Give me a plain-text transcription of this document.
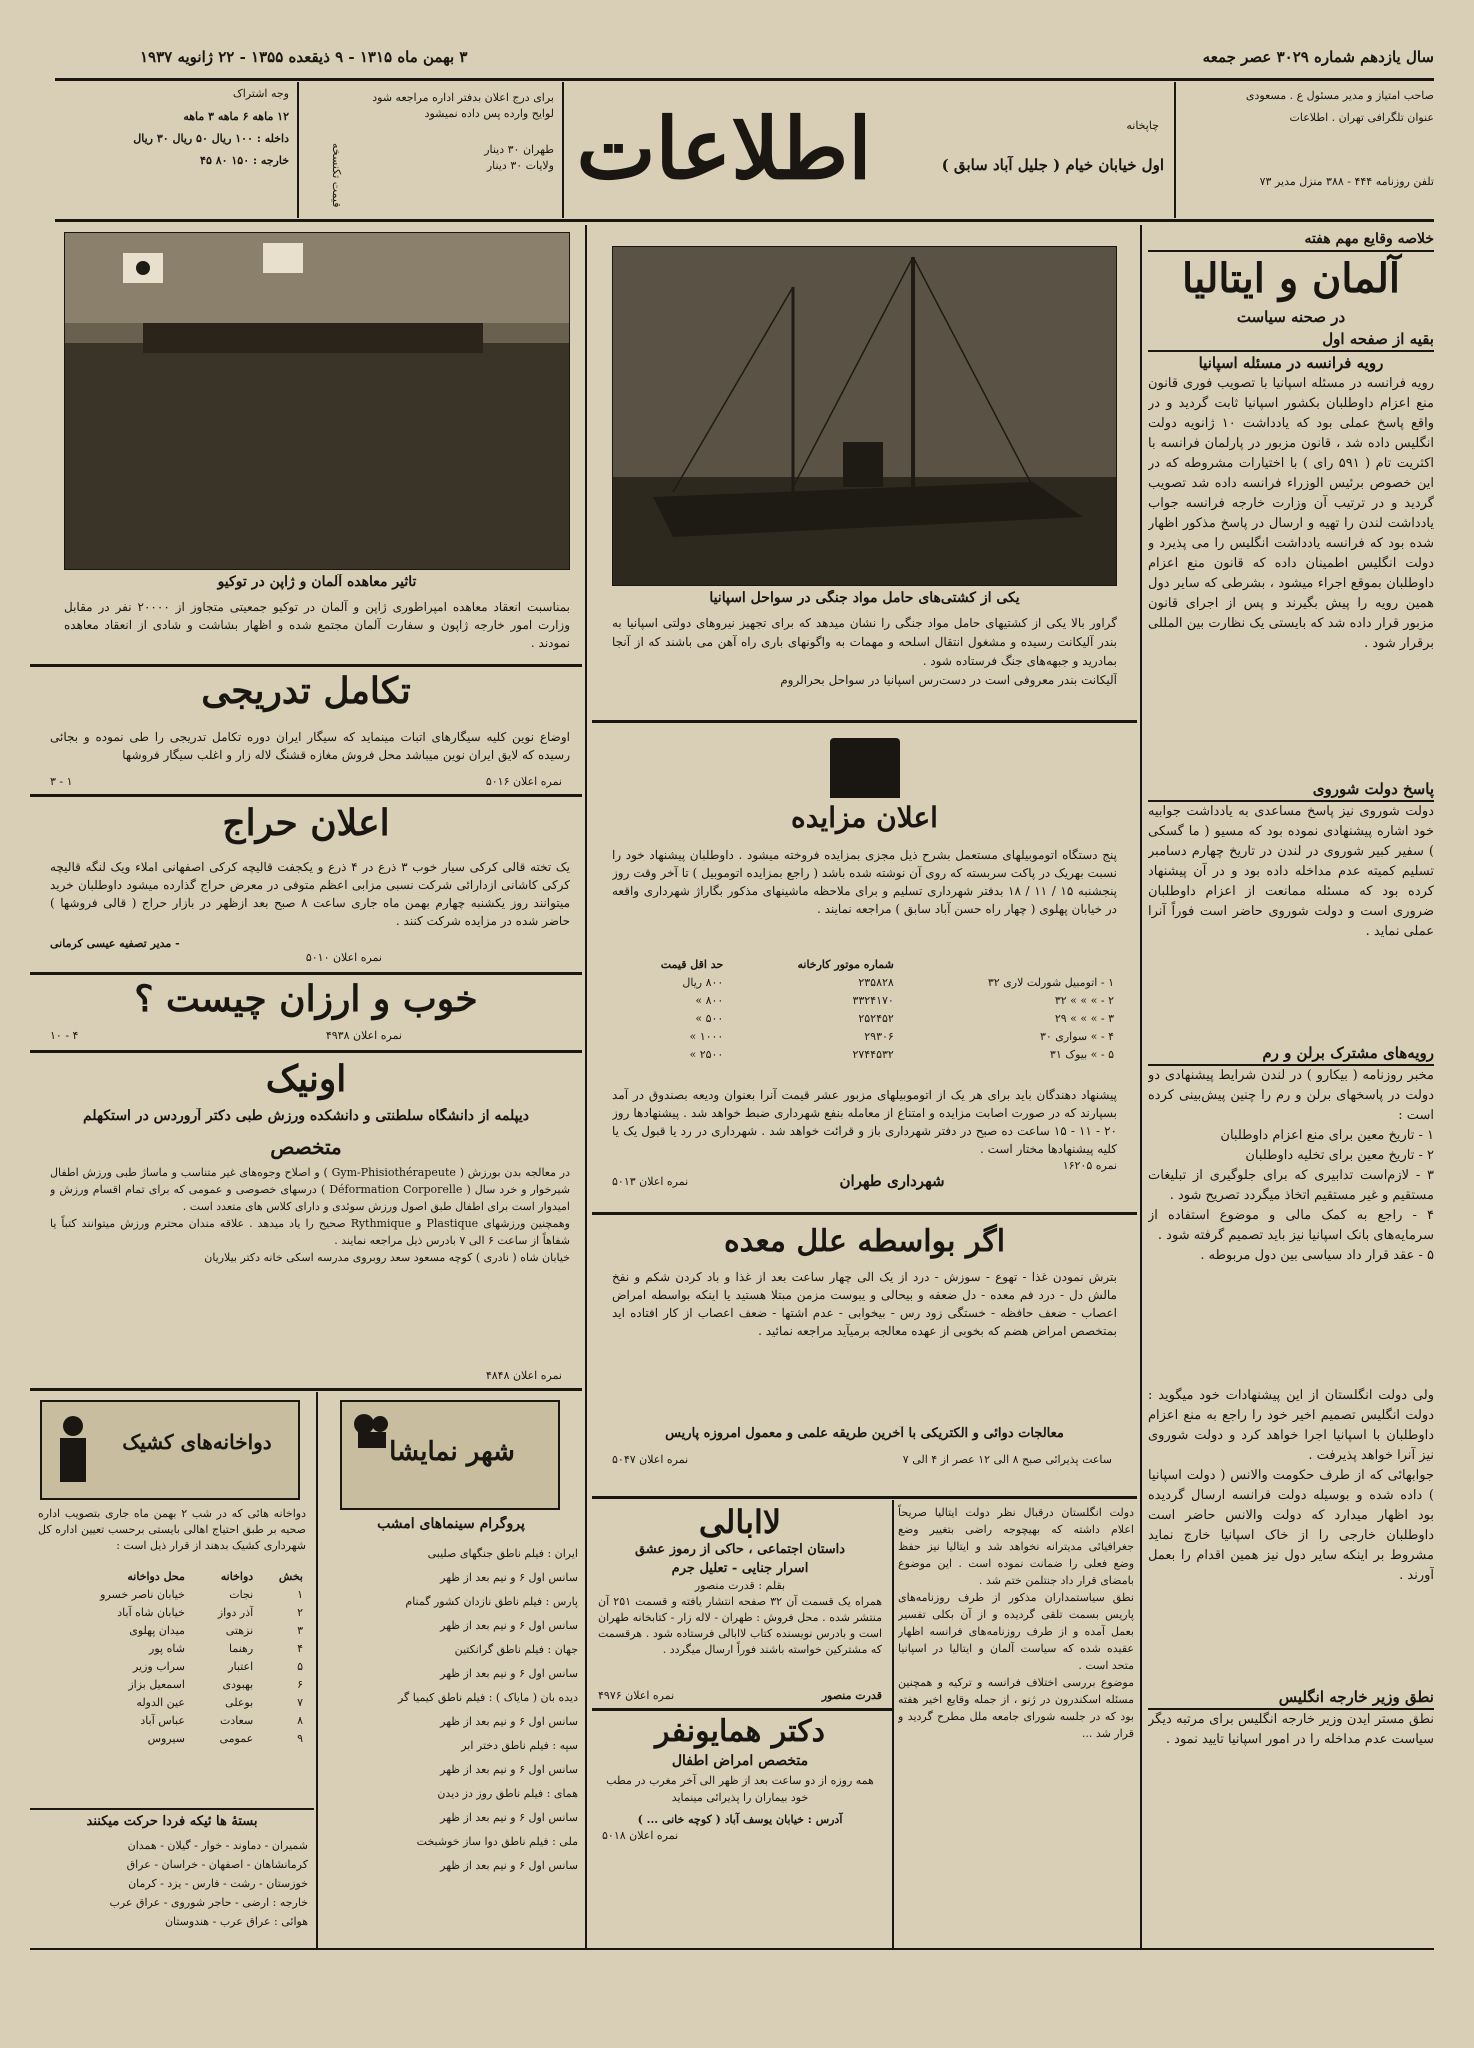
سال یازدهم شماره ۳۰۲۹ عصر جمعه
۳ بهمن ماه ۱۳۱۵ - ۹ ذیقعده ۱۳۵۵ - ۲۲ ژانویه ۱۹۳۷
صاحب امتیاز و مدیر مسئول ع . مسعودی
عنوان تلگرافی تهران . اطلاعات
تلفن روزنامه ۴۴۴ - ۳۸۸ منزل مدیر ۷۳
چاپخانه
اول خیابان خیام ( جلیل آباد سابق )
اطلاعات
برای درج اعلان بدفتر اداره مراجعه شود
لوایح وارده پس داده نمیشود
قیمت تکنسخه	طهران ۳۰ دینار
ولایات ۳۰ دینار
وجه اشتراک
۱۲ ماهه ۶ ماهه ۳ ماهه
داخله : ۱۰۰ ریال ۵۰ ریال ۳۰ ریال
خارجه : ۱۵۰ ۸۰ ۴۵
خلاصه وقایع مهم هفته
آلمان و ایتالیا
در صحنه سیاست
بقیه از صفحه اول
رویه فرانسه در مسئله اسپانیا
رویه فرانسه در مسئله اسپانیا با تصویب فوری قانون منع اعزام داوطلبان بکشور اسپانیا ثابت گردید و در واقع پاسخ عملی بود که یادداشت ۱۰ ژانویه دولت انگلیس داده شد ، قانون مزبور در پارلمان فرانسه با اکثریت تام ( ۵۹۱ رای ) با اختیارات مشروطه که در این خصوص برئیس الوزراء فرانسه داده شد تصویب گردید و در ترتیب آن وزارت خارجه فرانسه جواب یادداشت لندن را تهیه و ارسال در پاسخ مذکور اظهار شده بود که فرانسه یادداشت انگلیس را می پذیرد و دولت انگلیس اطمینان داده که قانون منع اعزام داوطلبان بموقع اجراء میشود ، بشرطی که سایر دول همین رویه را پیش بگیرند و پس از اجرای قانون مزبور قرار داده شد که بایستی یک نظارت بین المللی برقرار شود .
پاسخ دولت شوروی
دولت شوروی نیز پاسخ مساعدی به یادداشت جوابیه خود اشاره پیشنهادی نموده بود که مسیو ( ما گسکی ) سفیر کبیر شوروی در لندن در تاریخ چهارم دسامبر تسلیم کمیته عدم مداخله داده بود و در آن پیشنهاد کرده بود که مسئله ممانعت از اعزام داوطلبان ضروری است و دولت شوروی حاضر است فوراً آنرا عملی نماید .
رویه‌های مشترک برلن و رم
مخبر روزنامه ( بیکارو ) در لندن شرایط پیشنهادی دو دولت در پاسخهای برلن و رم را چنین پیش‌بینی کرده است :
۱ - تاریخ معین برای منع اعزام داوطلبان
۲ - تاریخ معین برای تخلیه داوطلبان
۳ - لازم‌است تدابیری که برای جلوگیری از تبلیغات مستقیم و غیر مستقیم اتخاذ میگردد تصریح شود .
۴ - راجع به کمک مالی و موضوع استفاده از سرمایه‌های بانک اسپانیا نیز باید تصمیم گرفته شود .
۵ - عقد قرار داد سیاسی بین دول مربوطه .
ولی دولت انگلستان از این پیشنهادات خود میگوید : دولت انگلیس تصمیم اخیر خود را راجع به منع اعزام داوطلبان با اسپانیا اجرا خواهد کرد و دولت شوروی نیز آنرا خواهد پذیرفت .
جوابهائی که از طرف حکومت والانس ( دولت اسپانیا ) داده شده و بوسیله دولت فرانسه ارسال گردیده بود اظهار میدارد که دولت والانس حاضر است داوطلبان خارجی را از خاک اسپانیا خارج نماید مشروط بر اینکه سایر دول نیز همین اقدام را بعمل آورند .
نطق وزیر خارجه انگلیس
نطق مستر ایدن وزیر خارجه انگلیس برای مرتبه دیگر سیاست عدم مداخله را در امور اسپانیا تایید نمود .
یکی از کشتی‌های حامل مواد جنگی در سواحل اسپانیا
گراور بالا یکی از کشتیهای حامل مواد جنگی را نشان میدهد که برای تجهیز نیروهای دولتی اسپانیا به بندر آلیکانت رسیده و مشغول انتقال اسلحه و مهمات به واگونهای باری راه آهن می باشند که از آنجا بمادرید و جبهه‌های جنگ فرستاده شود .
آلیکانت بندر معروفی است در دست‌رس اسپانیا در سواحل بحرالروم
اعلان مزایده
پنج دستگاه اتوموبیلهای مستعمل بشرح ذیل مجزی بمزایده فروخته میشود . داوطلبان پیشنهاد خود را نسبت بهریک در پاکت سربسته که روی آن نوشته شده باشد ( راجع بمزایده اتوموبیل ) تا آخر وقت روز پنجشنبه ۱۵ / ۱۱ / ۱۸ بدفتر شهرداری تسلیم و برای ملاحظه ماشینهای مذکور بگاراژ شهرداری واقعه در خیابان پهلوی ( چهار راه حسن آباد سابق ) مراجعه نمایند .
	شماره موتور کارخانه	حد اقل قیمت
۱ - اتومبیل شورلت لاری ۳۲	۲۳۵۸۲۸	۸۰۰ ریال
۲ - » » » ۳۲	۳۳۲۴۱۷۰	۸۰۰ »
۳ - » » » ۲۹	۲۵۲۴۵۲	۵۰۰ »
۴ - » سواری ۳۰	۲۹۳۰۶	۱۰۰۰ »
۵ - » بیوک ۳۱	۲۷۴۴۵۳۲	۲۵۰۰ »
پیشنهاد دهندگان باید برای هر یک از اتوموبیلهای مزبور عشر قیمت آنرا بعنوان ودیعه بصندوق در آمد بسپارند که در صورت اصابت مزایده و امتناع از معامله بنفع شهرداری ضبط خواهد شد . پیشنهادها روز ۲۰ - ۱۱ - ۱۵ ساعت ده صبح در دفتر شهرداری باز و قرائت خواهد شد . شهرداری در رد یا قبول یک یا کلیه پیشنهادها مختار است .
شهرداری طهران
نمره اعلان ۵۰۱۳
نمره ۱۶۲۰۵
اگر بواسطه علل معده
بترش نمودن غذا - تهوع - سوزش - درد از یک الی چهار ساعت بعد از غذا و باد کردن شکم و نفخ مالش دل - درد فم معده - دل ضعفه و بیحالی و یبوست مزمن مبتلا هستید یا اینکه بواسطه امراض اعصاب - ضعف حافظه - خستگی زود رس - بیخوابی - عدم اشتها - ضعف اعصاب از کار افتاده اید بمتخصص امراض هضم که بخوبی از عهده معالجه برمیآید مراجعه نمائید .
معالجات دوائی و الکتریکی با آخرین طریقه علمی و معمول امروزه پاریس
ساعت پذیرائی صبح ۸ الی ۱۲ عصر از ۴ الی ۷
نمره اعلان ۵۰۴۷
دولت انگلستان درقبال نظر دولت ایتالیا صریحاً اعلام داشته که بهیچوجه راضی بتغییر وضع جغرافیائی مدیترانه نخواهد شد و ایتالیا نیز حفظ وضع فعلی را ضمانت نموده است . این موضوع بامضای قرار داد جنتلمن ختم شد .
نطق سیاستمداران مذکور از طرف روزنامه‌های پاریس بسمت تلقی گردیده و از آن بکلی تفسیر بعمل آمده و از طرف روزنامه‌های فرانسه اظهار عقیده شده که سیاست آلمان و ایتالیا در اسپانیا متحد است .
موضوع بررسی اختلاف فرانسه و ترکیه و همچنین مسئله اسکندرون در ژنو ، از جمله وقایع اخیر هفته بود که در جلسه شورای جامعه ملل مطرح گردید و قرار شد ...
لاابالی
داستان اجتماعی ، حاکی از رموز عشق
اسرار جنایی - تعلیل جرم
بقلم : قدرت منصور
همراه یک قسمت آن ۳۲ صفحه انتشار یافته و قسمت ۲۵۱ آن منتشر شده . محل فروش : طهران - لاله زار - کتابخانه طهران است و بادرس نویسنده کتاب لاابالی فرستاده شود . هرقسمت که مشترکین خواسته باشند فوراً ارسال میگردد .
نمره اعلان ۴۹۷۶	قدرت منصور
دکتر همایونفر
متخصص امراض اطفال
همه روزه از دو ساعت بعد از ظهر الی آخر مغرب در مطب خود بیماران را پذیرائی مینماید
آدرس : خیابان یوسف آباد ( کوچه خانی ... )
نمره اعلان ۵۰۱۸
تاثیر معاهده آلمان و ژاپن در توکیو
بمناسبت انعقاد معاهده امپراطوری ژاپن و آلمان در توکیو جمعیتی متجاوز از ۲۰۰۰۰ نفر در مقابل وزارت امور خارجه ژاپون و سفارت آلمان مجتمع شده و اظهار بشاشت و شادی از انعقاد معاهده نمودند .
تکامل تدریجی
اوضاع نوین کلیه سیگارهای اتبات مینماید که سیگار ایران دوره تکامل تدریجی را طی نموده و بجائی رسیده که لایق ایران نوین میباشد محل فروش مغازه قشنگ لاله زار و اغلب سیگار فروشها
نمره اعلان ۵۰۱۶
۱ - ۳
اعلان حراج
یک تخته قالی کرکی سیار خوب ۳ ذرع در ۴ ذرع و یکجفت قالیچه کرکی اصفهانی املاء ویک لنگه قالیچه کرکی کاشانی ازدارائی شرکت نسبی مزابی اعظم متوفی در معرض حراج گذارده میشود داوطلبان خرید میتوانند روز یکشنبه چهارم بهمن ماه جاری ساعت ۸ صبح بعد ازظهر در بازار حراج ( قالی فروشها ) حاضر شده در مزایده شرکت کنند .
- مدیر تصفیه عیسی کرمانی
نمره اعلان ۵۰۱۰
خوب و ارزان چیست ؟
نمره اعلان ۴۹۳۸
۴ - ۱۰
اونیک
دیپلمه از دانشگاه سلطنتی و دانشکده ورزش طبی دکتر آروردس در استکهلم
متخصص
در معالجه بدن بورزش ( Gym-Phisiothérapeute ) و اصلاح وجوه‌های غیر متناسب و ماساژ طبی ورزش اطفال شیرخوار و خرد سال ( Déformation Corporelle ) درسهای خصوصی و عمومی که برای تمام اقسام ورزش و امیدوار است برای اطفال طبق اصول ورزش سوئدی و دارای کلاس های متعدد است .
وهمچنین ورزشهای Plastique و Rythmique صحیح را یاد میدهد . علاقه مندان محترم ورزش میتوانند کتباً یا شفاهاً از ساعت ۶ الی ۷ بادرس ذیل مراجعه نمایند .
خیابان شاه ( نادری ) کوچه مسعود سعد روبروی مدرسه اسکی خانه دکتر بیلاریان
نمره اعلان ۴۸۴۸
شهر نمایشا
پروگرام سینماهای امشب
ایران : فیلم ناطق جنگهای صلیبی
سانس اول ۶ و نیم بعد از ظهر
پارس : فیلم ناطق نازدان کشور گمنام
سانس اول ۶ و نیم بعد از ظهر
جهان : فیلم ناطق گرانکتین
سانس اول ۶ و نیم بعد از ظهر
دیده بان ( مایاک ) : فیلم ناطق کیمیا گر
سانس اول ۶ و نیم بعد از ظهر
سپه : فیلم ناطق دختر ابر
سانس اول ۶ و نیم بعد از ظهر
همای : فیلم ناطق روز دز دیدن
سانس اول ۶ و نیم بعد از ظهر
ملی : فیلم ناطق دوا ساز خوشبخت
سانس اول ۶ و نیم بعد از ظهر
دواخانه‌های کشیک
دواخانه هائی که در شب ۲ بهمن ماه جاری بتصویب اداره صحیه بر طبق احتیاج اهالی بایستی برحسب تعیین اداره کل شهرداری کشیک بدهند از قرار ذیل است :
بخش	دواخانه	محل دواخانه
۱	نجات	خیابان ناصر خسرو
۲	آذر دواز	خیابان شاه آباد
۳	نزهتی	میدان پهلوی
۴	رهنما	شاه پور
۵	اعتبار	سراب وزیر
۶	بهبودی	اسمعیل بزاز
۷	بوعلی	عین الدوله
۸	سعادت	عباس آباد
۹	عمومی	سیروس
بستهٔ ها ئیکه فردا حرکت میکنند
شمیران - دماوند - خوار - گیلان - همدان
کرمانشاهان - اصفهان - خراسان - عراق
خوزستان - رشت - فارس - یزد - کرمان
خارجه : ارضی - حاجر شوروی - عراق عرب
هوائی : عراق عرب - هندوستان
